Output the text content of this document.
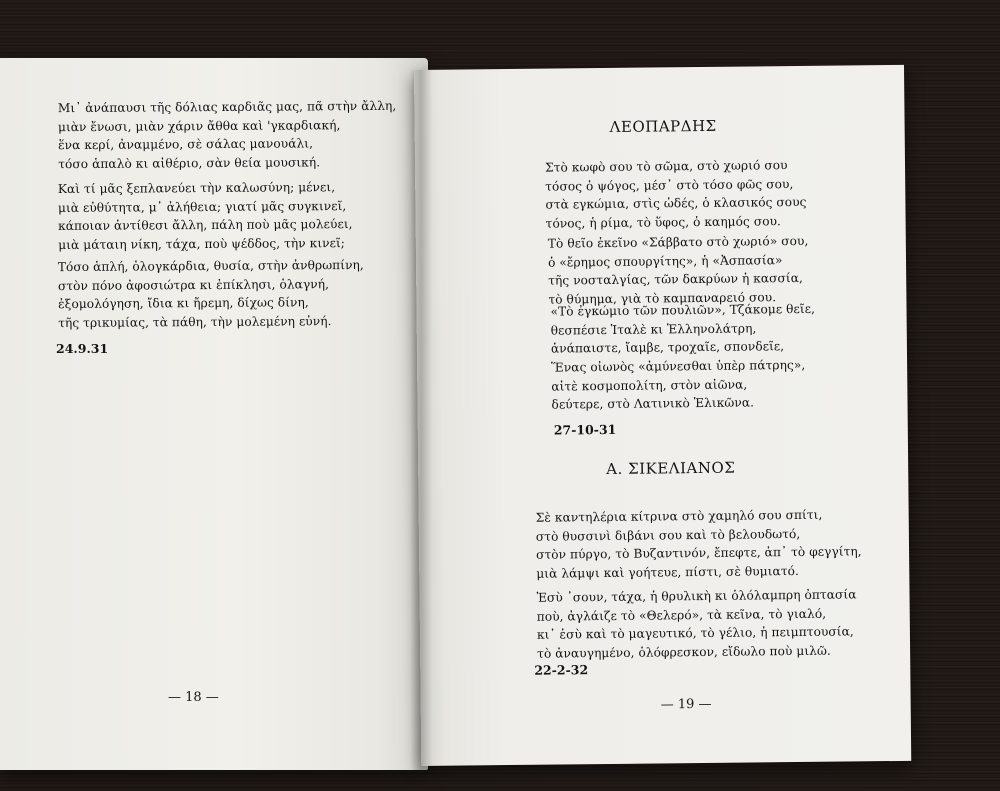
Μι᾽ ἀνάπαυσι τῆς δόλιας καρδιᾶς μας, πᾶ στὴν ἄλλη,
μιὰν ἔνωσι, μιὰν χάριν ἄθθα καὶ 'γκαρδιακή,
ἕνα κερί, ἀναμμένο, σὲ σάλας μανουάλι,
τόσο ἁπαλὸ κι αἰθέριο, σὰν θεία μουσική.
Καὶ τί μᾶς ξεπλανεύει τὴν καλωσύνη; μένει,
μιὰ εὐθύτητα, μ᾽ ἀλήθεια; γιατί μᾶς συγκινεῖ,
κάποιαν ἀντίθεσι ἄλλη, πάλη ποὺ μᾶς μολεύει,
μιὰ μάταιη νίκη, τάχα, ποὺ ψέδδος, τὴν κινεῖ;
Τόσο ἁπλή, ὁλογκάρδια, θυσία, στὴν ἀνθρωπίνη,
στὸν πόνο ἀφοσιώτρα κι ἐπίκλησι, ὁλαγνή,
ἐξομολόγηση, ἴδια κι ἤρεμη, δίχως δίνη,
τῆς τρικυμίας, τὰ πάθη, τὴν μολεμένη εὐνή.
24.9.31
— 18 —
ΛΕΟΠΑΡΔΗΣ
Στὸ κωφὸ σου τὸ σῶμα, στὸ χωριό σου
τόσος ὁ ψόγος, μέσ᾽ στὸ τόσο φῶς σου,
στὰ εγκώμια, στὶς ὠδές, ὁ κλασικός σους
τόνος, ἡ ρίμα, τὸ ὕφος, ὁ καημός σου.
Τὸ θεῖο ἐκεῖνο «Σάββατο στὸ χωριό» σου,
ὁ «ἔρημος σπουργίτης», ἡ «Ἀσπασία»
τῆς νοσταλγίας, τῶν δακρύων ἡ κασσία,
τὸ θύμημα, γιὰ τὸ καμπαναρειό σου.
«Τὸ ἐγκώμιο τῶν πουλιῶν», Τζάκομε θεῖε,
θεσπέσιε Ἰταλὲ κι Ἑλληνολάτρη,
ἀνάπαιστε, ἴαμβε, τροχαῖε, σπονδεῖε,
Ἕνας οἰωνὸς «ἀμύνεσθαι ὑπὲρ πάτρης»,
αἰτὲ κοσμοπολίτη, στὸν αἰῶνα,
δεύτερε, στὸ Λατινικὸ Ἑλικῶνα.
27-10-31
Α. ΣΙΚΕΛΙΑΝΟΣ
Σὲ καντηλέρια κίτρινα στὸ χαμηλό σου σπίτι,
στὸ θυσσινὶ διβάνι σου καὶ τὸ βελουδωτό,
στὸν πύργο, τὸ Βυζαντινόν, ἔπεφτε, ἀπ᾽ τὸ φεγγίτη,
μιὰ λάμψι καὶ γοήτευε, πίστι, σὲ θυμιατό.
Ἐσὺ ᾽σουν, τάχα, ἡ θρυλικὴ κι ὁλόλαμπρη ὀπτασία
ποὺ, ἀγλάιζε τὸ «Θελερό», τὰ κεῖνα, τὸ γιαλό,
κι᾽ ἐσὺ καὶ τὸ μαγευτικό, τὸ γέλιο, ἡ πειμπτουσία,
τὸ ἀναυγημένο, ὁλόφρεσκον, εἴδωλο ποὺ μιλῶ.
22-2-32
— 19 —
